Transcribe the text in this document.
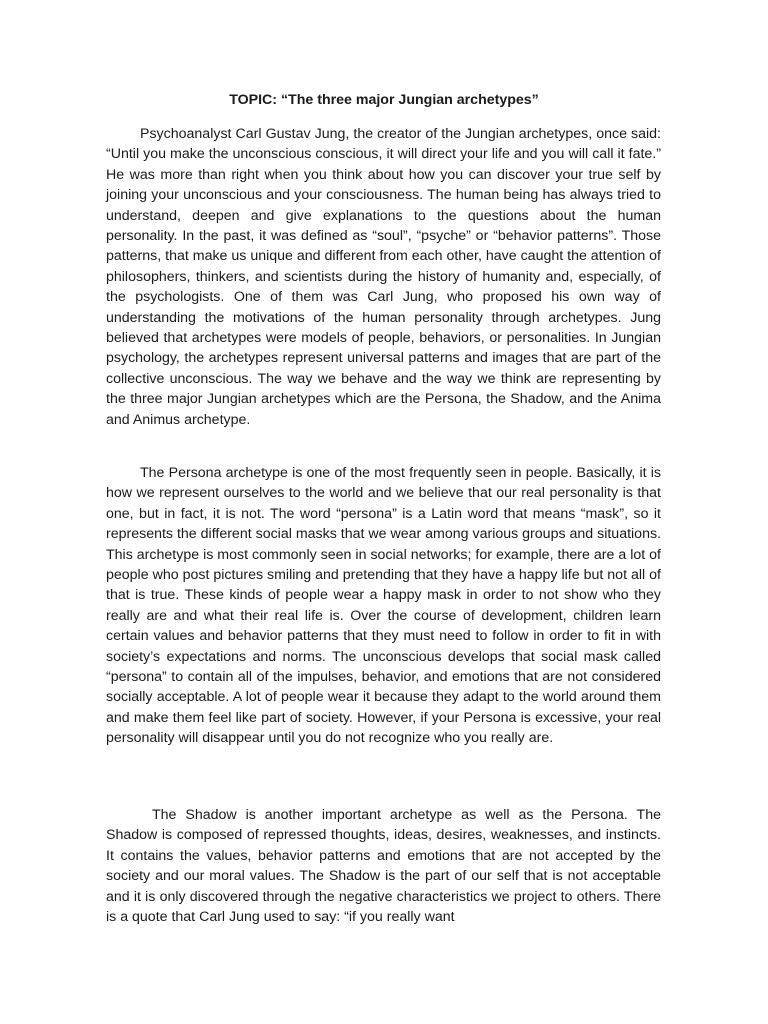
TOPIC: “The three major Jungian archetypes”

Psychoanalyst Carl Gustav Jung, the creator of the Jungian archetypes, once said: “Until you make the unconscious conscious, it will direct your life and you will call it fate.” He was more than right when you think about how you can discover your true self by joining your unconscious and your consciousness. The human being has always tried to understand, deepen and give explanations to the questions about the human personality. In the past, it was defined as “soul”, “psyche” or “behavior patterns”. Those patterns, that make us unique and different from each other, have caught the attention of philosophers, thinkers, and scientists during the history of humanity and, especially, of the psychologists. One of them was Carl Jung, who proposed his own way of understanding the motivations of the human personality through archetypes. Jung believed that archetypes were models of people, behaviors, or personalities. In Jungian psychology, the archetypes represent universal patterns and images that are part of the collective unconscious. The way we behave and the way we think are representing by the three major Jungian archetypes which are the Persona, the Shadow, and the Anima and Animus archetype.

The Persona archetype is one of the most frequently seen in people. Basically, it is how we represent ourselves to the world and we believe that our real personality is that one, but in fact, it is not. The word “persona” is a Latin word that means “mask”, so it represents the different social masks that we wear among various groups and situations. This archetype is most commonly seen in social networks; for example, there are a lot of people who post pictures smiling and pretending that they have a happy life but not all of that is true. These kinds of people wear a happy mask in order to not show who they really are and what their real life is. Over the course of development, children learn certain values and behavior patterns that they must need to follow in order to fit in with society’s expectations and norms. The unconscious develops that social mask called “persona” to contain all of the impulses, behavior, and emotions that are not considered socially acceptable. A lot of people wear it because they adapt to the world around them and make them feel like part of society. However, if your Persona is excessive, your real personality will disappear until you do not recognize who you really are.

The Shadow is another important archetype as well as the Persona. The Shadow is composed of repressed thoughts, ideas, desires, weaknesses, and instincts. It contains the values, behavior patterns and emotions that are not accepted by the society and our moral values. The Shadow is the part of our self that is not acceptable and it is only discovered through the negative characteristics we project to others. There is a quote that Carl Jung used to say: “if you really want
